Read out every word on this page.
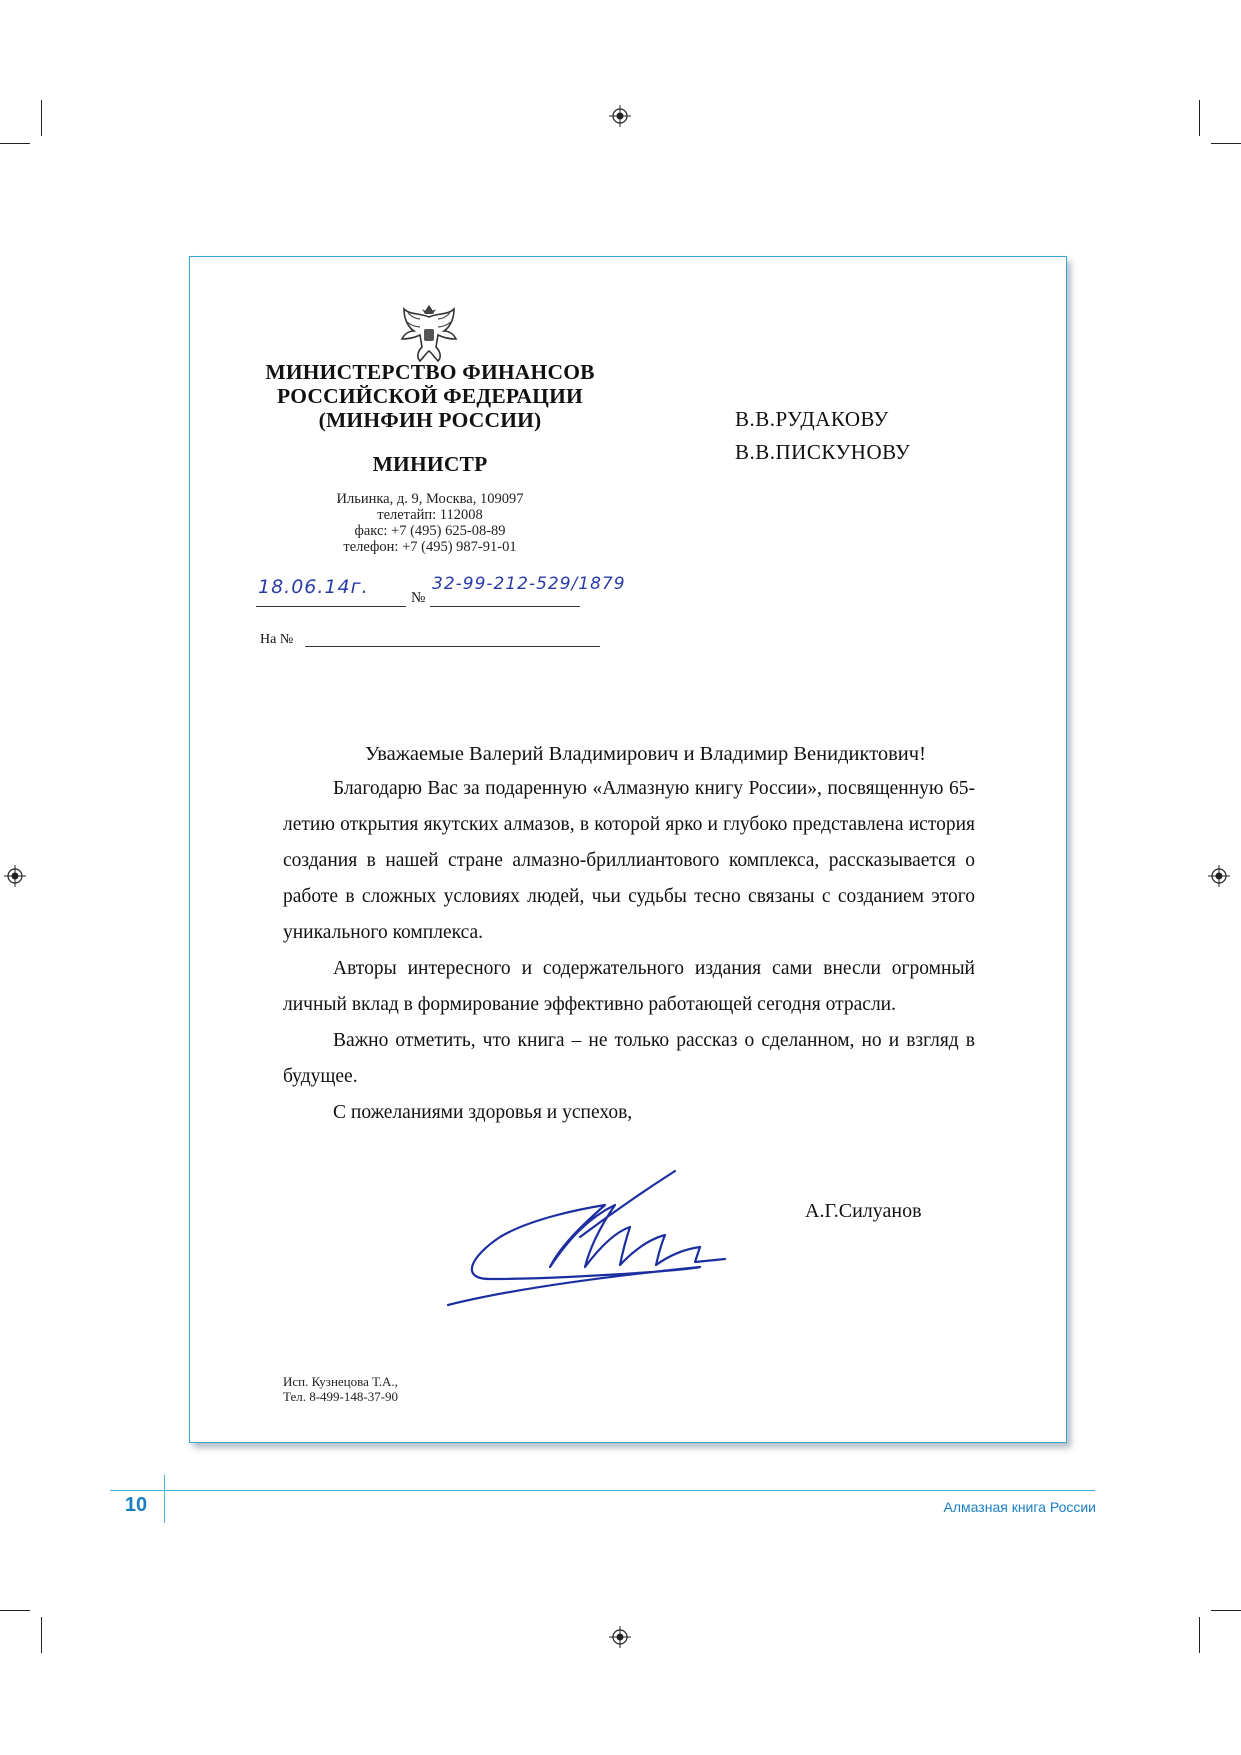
МИНИСТЕРСТВО ФИНАНСОВ
РОССИЙСКОЙ ФЕДЕРАЦИИ
(МИНФИН РОССИИ)
МИНИСТР
Ильинка, д. 9, Москва, 109097
телетайп: 112008
факс: +7 (495) 625-08-89
телефон: +7 (495) 987-91-01
18.06.14г.	№
32-99-212-529/1879
На №
В.В.РУДАКОВУ
В.В.ПИСКУНОВУ
Уважаемые Валерий Владимирович и Владимир Венидиктович!

Благодарю Вас за подаренную «Алмазную книгу России», посвященную 65-летию открытия якутских алмазов, в которой ярко и глубоко представлена история создания в нашей стране алмазно-бриллиантового комплекса, рассказывается о работе в сложных условиях людей, чьи судьбы тесно связаны с созданием этого уникального комплекса.

Авторы интересного и содержательного издания сами внесли огромный личный вклад в формирование эффективно работающей сегодня отрасли.

Важно отметить, что книга – не только рассказ о сделанном, но и взгляд в будущее.

С пожеланиями здоровья и успехов,

А.Г.Силуанов
Исп. Кузнецова Т.А.,
Тел. 8-499-148-37-90
10	Алмазная книга России
